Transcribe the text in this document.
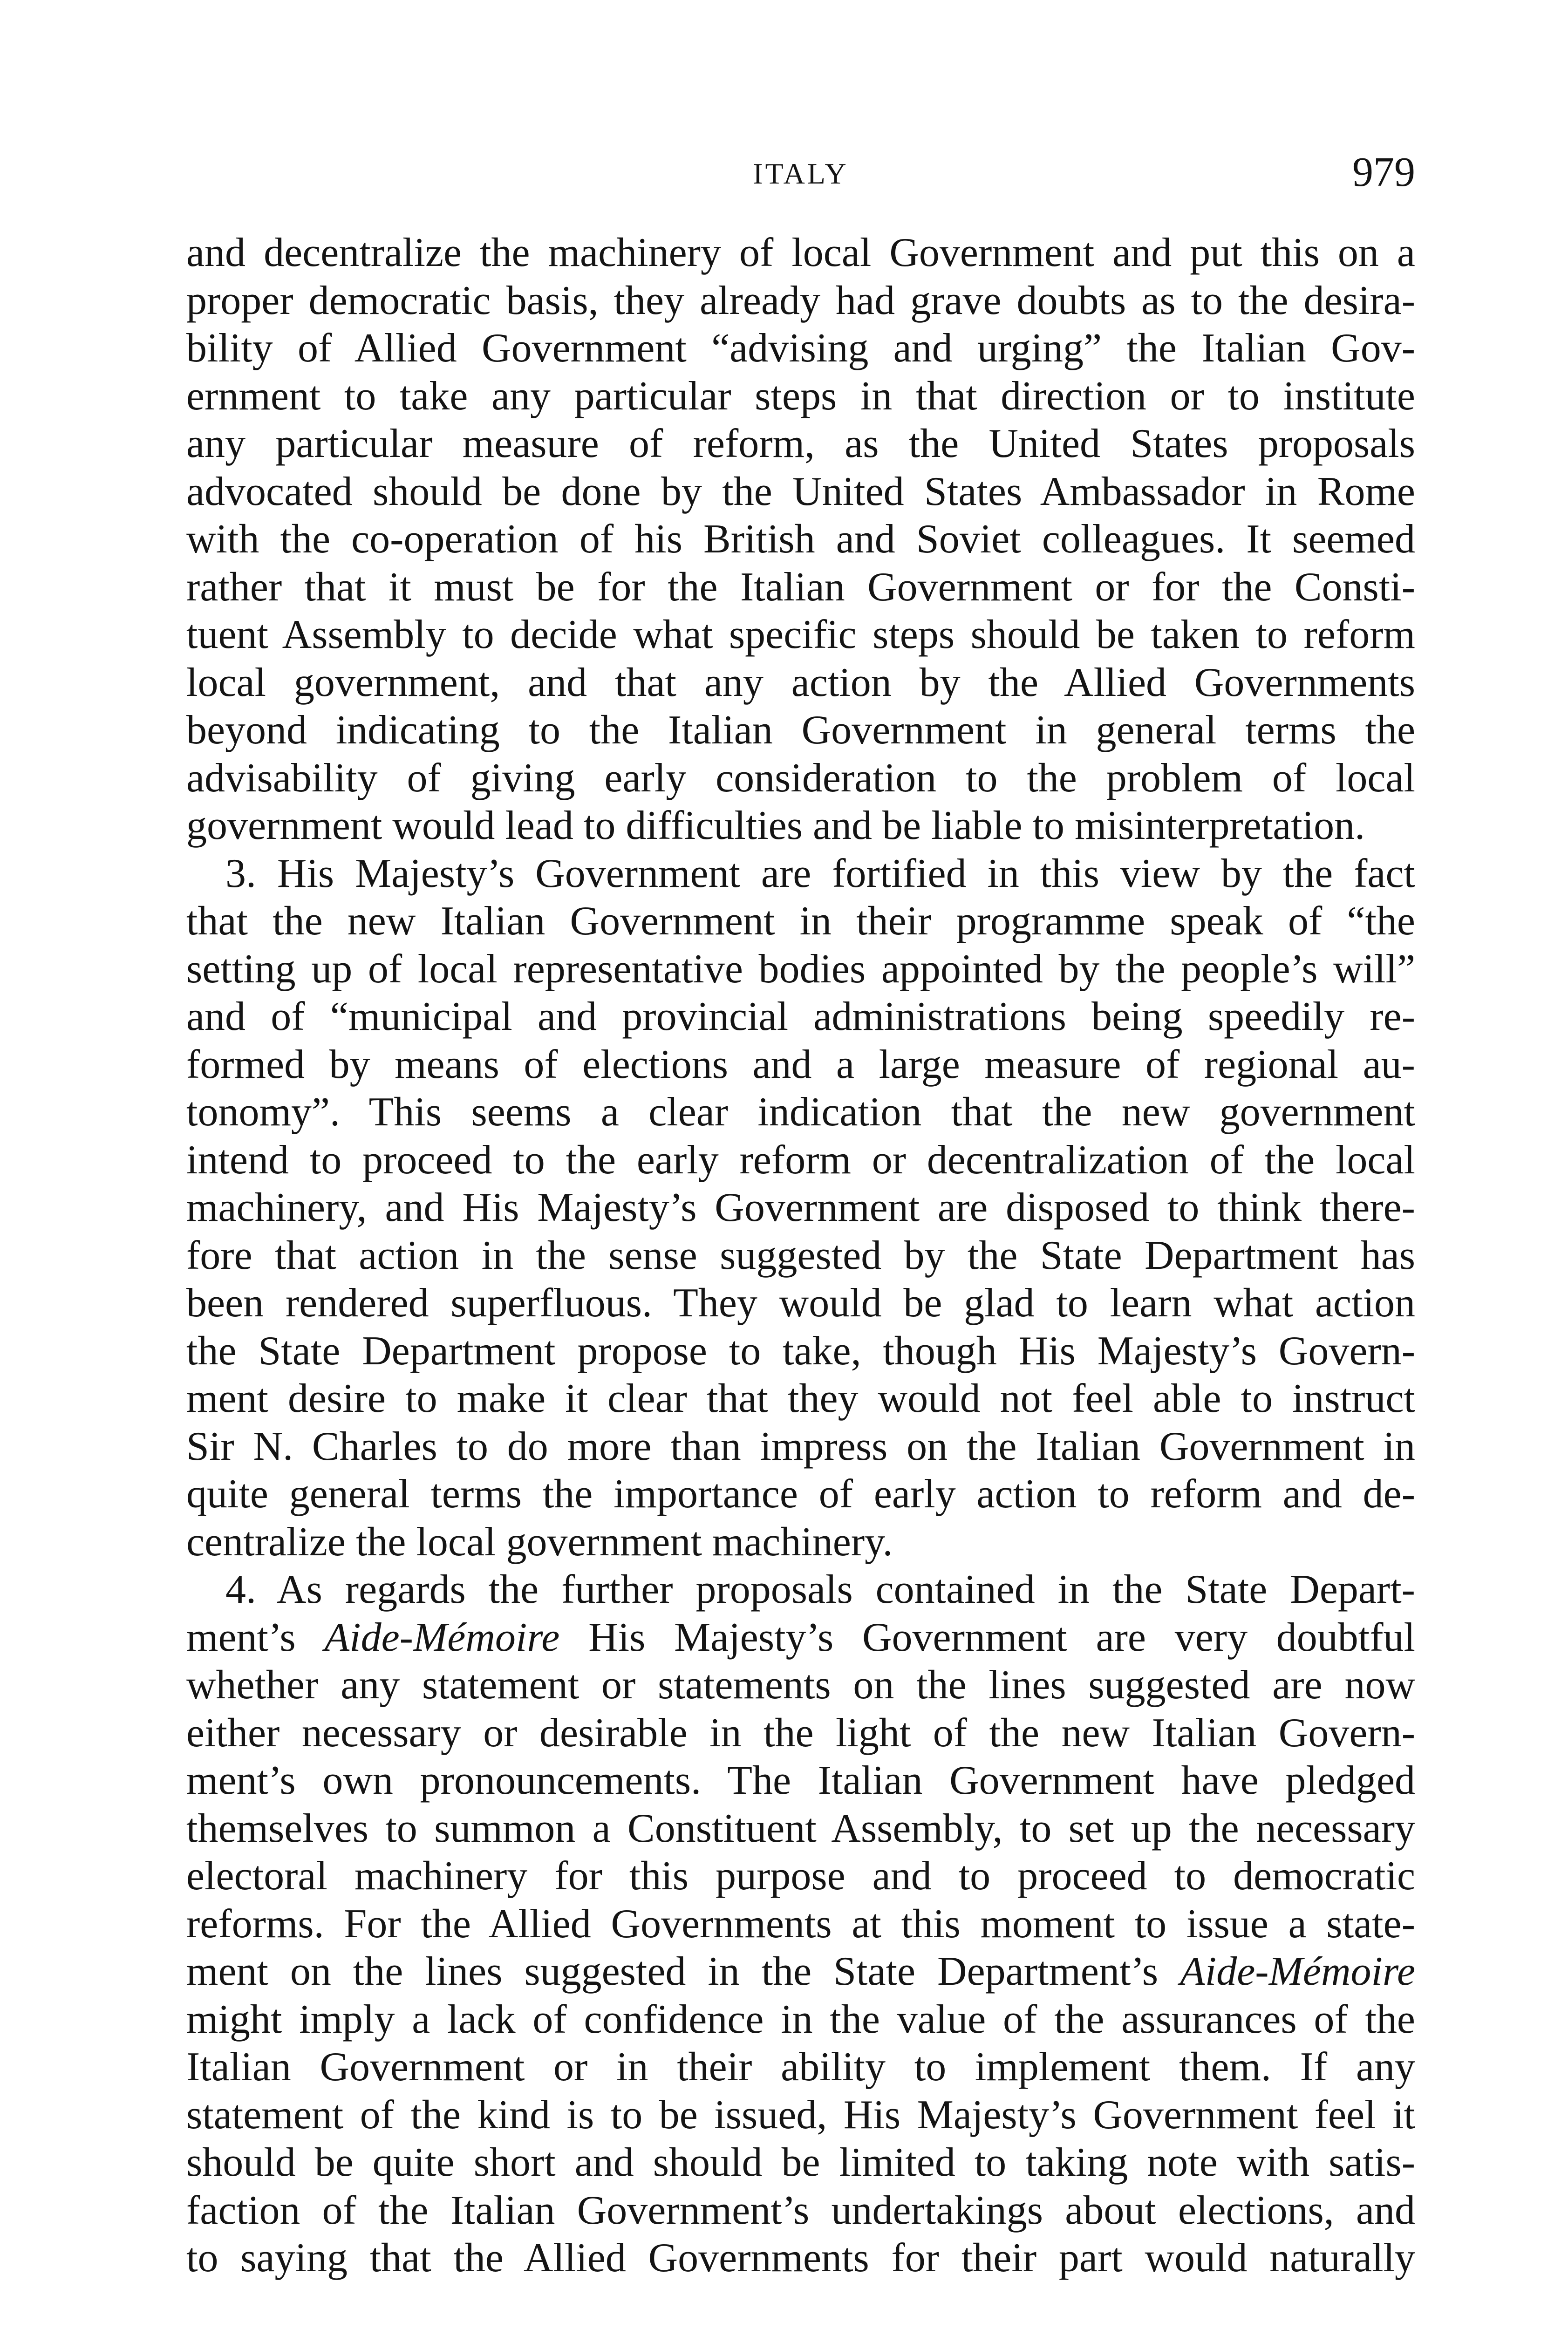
ITALY	979
and decentralize the machinery of local Government and put this on a
proper democratic basis, they already had grave doubts as to the desira-
bility of Allied Government “advising and urging” the Italian Gov-
ernment to take any particular steps in that direction or to institute
any particular measure of reform, as the United States proposals
advocated should be done by the United States Ambassador in Rome
with the co-operation of his British and Soviet colleagues. It seemed
rather that it must be for the Italian Government or for the Consti-
tuent Assembly to decide what specific steps should be taken to reform
local government, and that any action by the Allied Governments
beyond indicating to the Italian Government in general terms the
advisability of giving early consideration to the problem of local
government would lead to difficulties and be liable to misinterpretation.
3. His Majesty’s Government are fortified in this view by the fact
that the new Italian Government in their programme speak of “the
setting up of local representative bodies appointed by the people’s will”
and of “municipal and provincial administrations being speedily re-
formed by means of elections and a large measure of regional au-
tonomy”. This seems a clear indication that the new government
intend to proceed to the early reform or decentralization of the local
machinery, and His Majesty’s Government are disposed to think there-
fore that action in the sense suggested by the State Department has
been rendered superfluous. They would be glad to learn what action
the State Department propose to take, though His Majesty’s Govern-
ment desire to make it clear that they would not feel able to instruct
Sir N. Charles to do more than impress on the Italian Government in
quite general terms the importance of early action to reform and de-
centralize the local government machinery.
4. As regards the further proposals contained in the State Depart-
ment’s Aide-Mémoire His Majesty’s Government are very doubtful
whether any statement or statements on the lines suggested are now
either necessary or desirable in the light of the new Italian Govern-
ment’s own pronouncements. The Italian Government have pledged
themselves to summon a Constituent Assembly, to set up the necessary
electoral machinery for this purpose and to proceed to democratic
reforms. For the Allied Governments at this moment to issue a state-
ment on the lines suggested in the State Department’s Aide-Mémoire
might imply a lack of confidence in the value of the assurances of the
Italian Government or in their ability to implement them. If any
statement of the kind is to be issued, His Majesty’s Government feel it
should be quite short and should be limited to taking note with satis-
faction of the Italian Government’s undertakings about elections, and
to saying that the Allied Governments for their part would naturally
